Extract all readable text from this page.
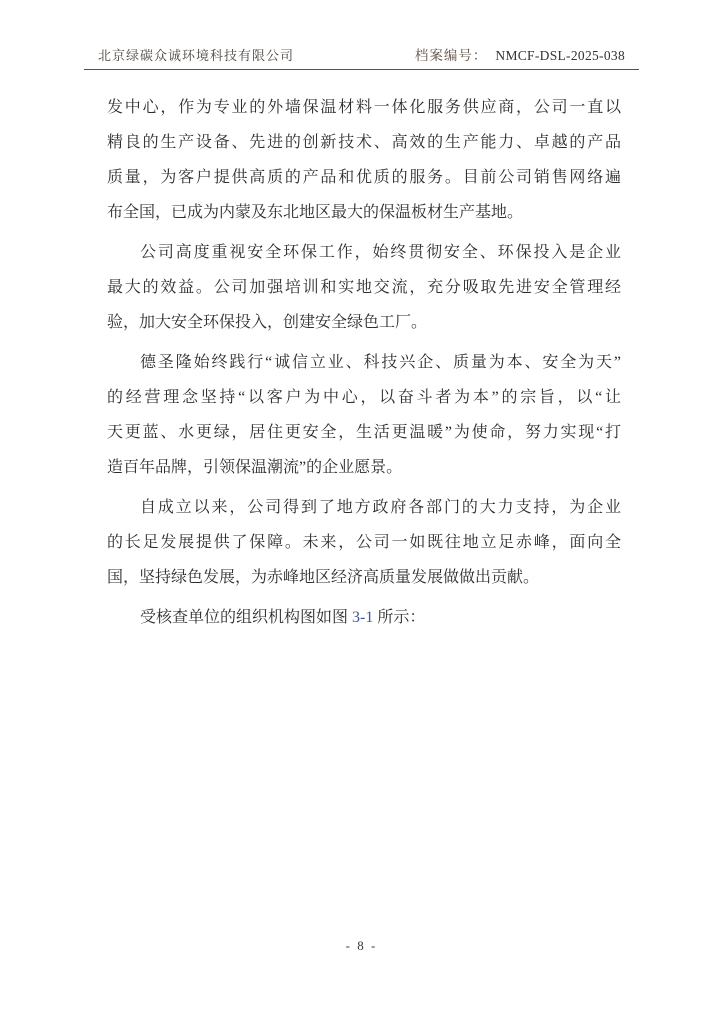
北京绿碳众诚环境科技有限公司	档案编号： NMCF-DSL-2025-038
发中心，作为专业的外墙保温材料一体化服务供应商，公司一直以
精良的生产设备、先进的创新技术、高效的生产能力、卓越的产品
质量，为客户提供高质的产品和优质的服务。目前公司销售网络遍
布全国，已成为内蒙及东北地区最大的保温板材生产基地。
公司高度重视安全环保工作，始终贯彻安全、环保投入是企业
最大的效益。公司加强培训和实地交流，充分吸取先进安全管理经
验，加大安全环保投入，创建安全绿色工厂。
德圣隆始终践行“诚信立业、科技兴企、质量为本、安全为天”
的经营理念坚持“以客户为中心，以奋斗者为本”的宗旨，以“让
天更蓝、水更绿，居住更安全，生活更温暖”为使命，努力实现“打
造百年品牌，引领保温潮流”的企业愿景。
自成立以来，公司得到了地方政府各部门的大力支持，为企业
的长足发展提供了保障。未来，公司一如既往地立足赤峰，面向全
国，坚持绿色发展，为赤峰地区经济高质量发展做做出贡献。
受核查单位的组织机构图如图 3-1 所示：
- 8 -
